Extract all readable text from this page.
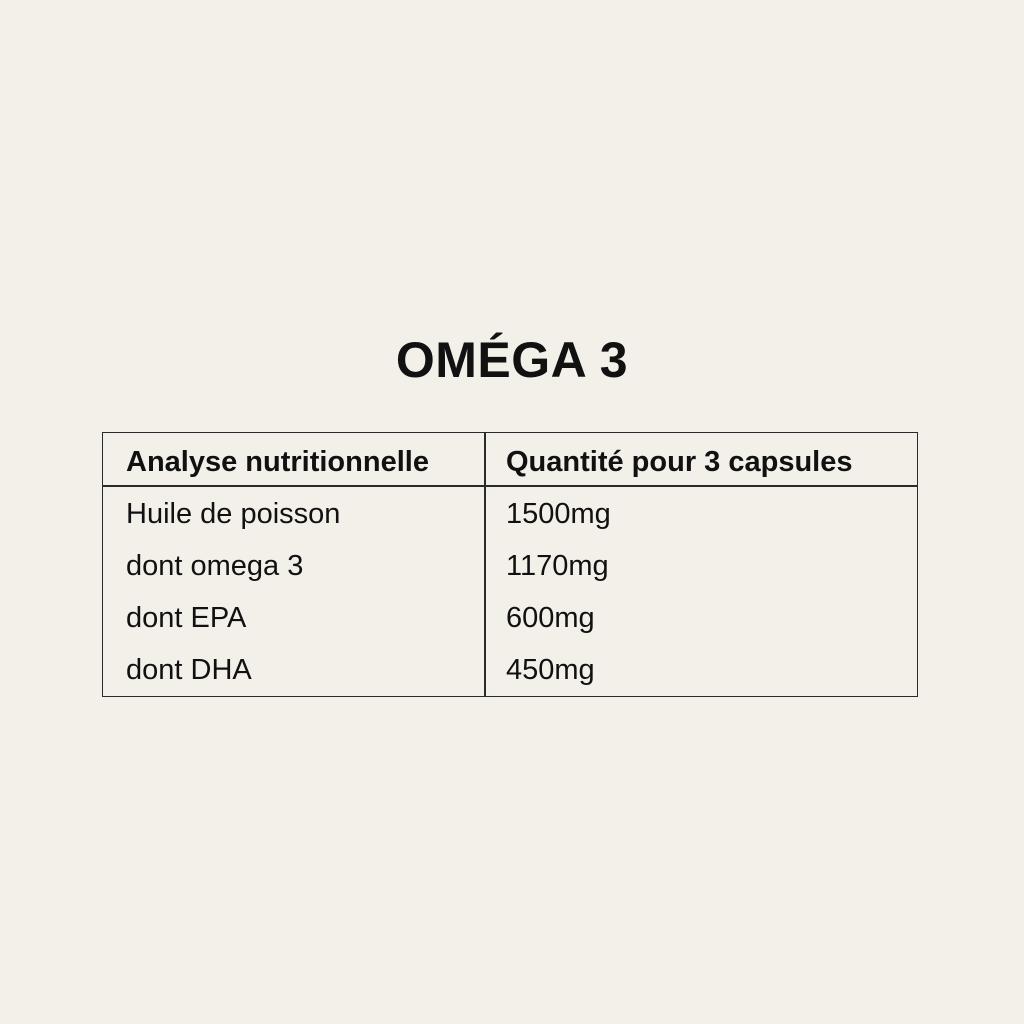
OMÉGA 3
Analyse nutritionnelle	Quantité pour 3 capsules
Huile de poisson	1500mg
dont omega 3	1170mg
dont EPA	600mg
dont DHA	450mg
